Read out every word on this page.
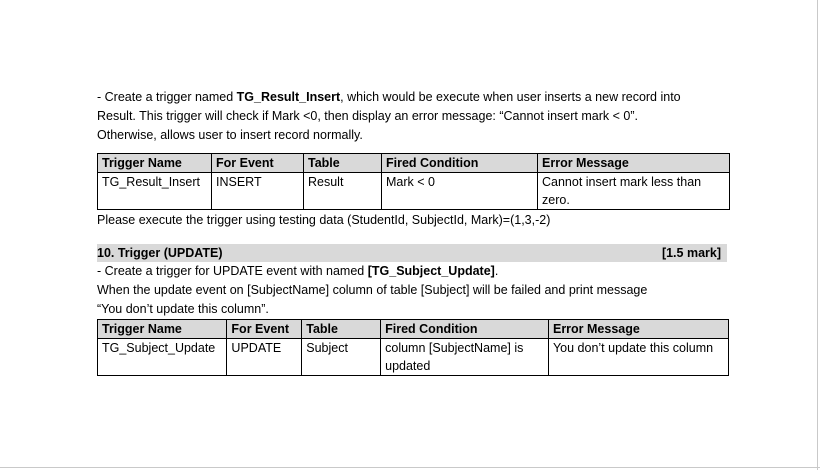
- Create a trigger named TG_Result_Insert, which would be execute when user inserts a new record into
Result. This trigger will check if Mark <0, then display an error message: “Cannot insert mark < 0”.
Otherwise, allows user to insert record normally.
Trigger Name	For Event	Table	Fired Condition	Error Message
TG_Result_Insert	INSERT	Result	Mark < 0	Cannot insert mark less than zero.
Please execute the trigger using testing data (StudentId, SubjectId, Mark)=(1,3,-2)
10. Trigger (UPDATE)	[1.5 mark]
- Create a trigger for UPDATE event with named [TG_Subject_Update].
When the update event on [SubjectName] column of table [Subject] will be failed and print message
“You don’t update this column”.
Trigger Name	For Event	Table	Fired Condition	Error Message
TG_Subject_Update	UPDATE	Subject	column [SubjectName] is updated	You don’t update this column
